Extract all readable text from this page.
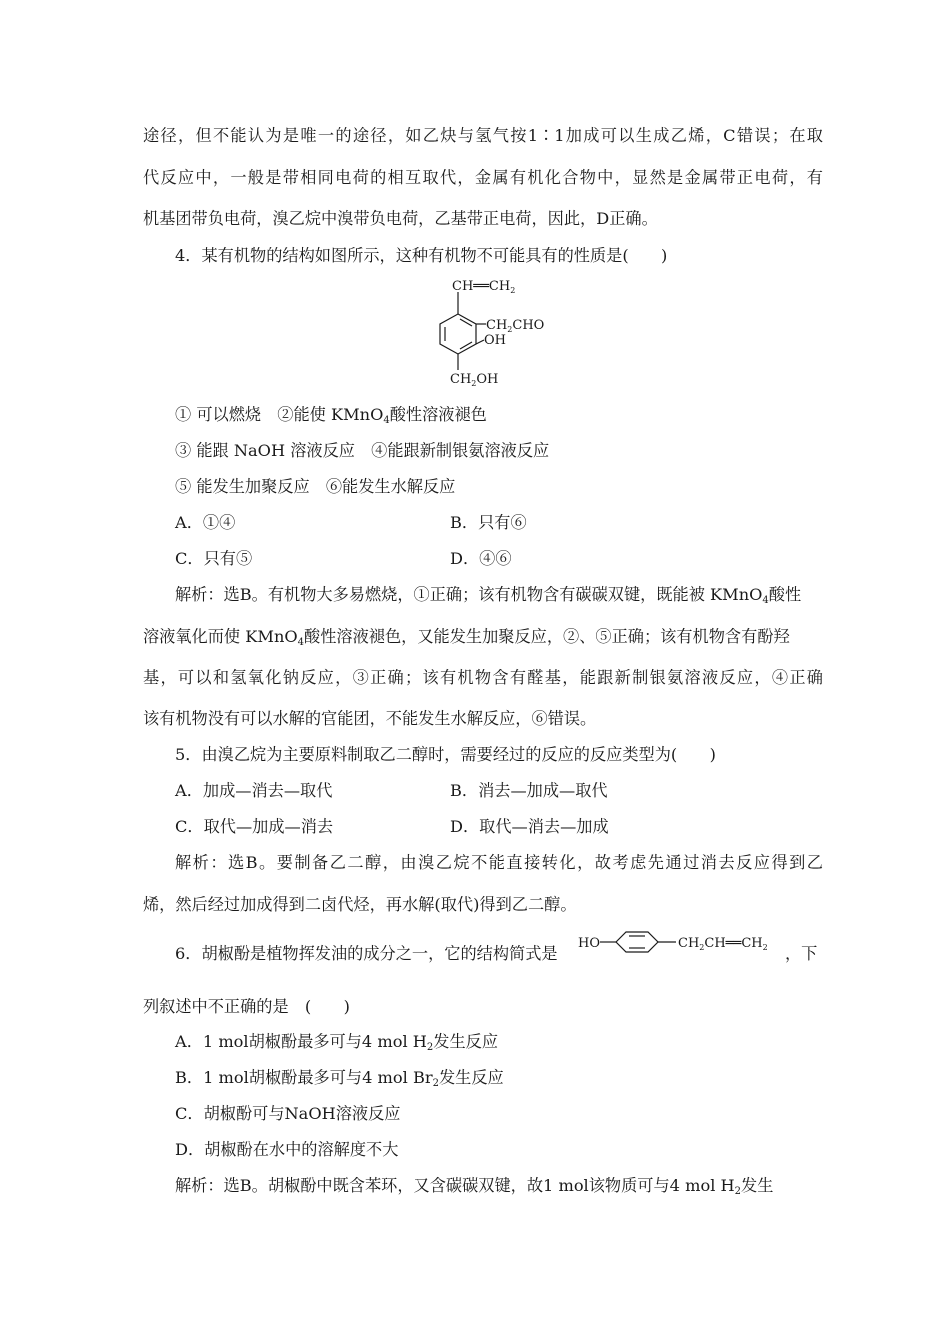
途径，但不能认为是唯一的途径，如乙炔与氢气按1∶1加成可以生成乙烯，C错误；在取
代反应中，一般是带相同电荷的相互取代，金属有机化合物中，显然是金属带正电荷，有
机基团带负电荷，溴乙烷中溴带负电荷，乙基带正电荷，因此，D正确。
4．某有机物的结构如图所示，这种有机物不可能具有的性质是(　　)
$CH══CH_2$
$CH_2CHO$
OH
$CH_2OH$
① 可以燃烧　②能使 KMnO$_4$酸性溶液褪色
③ 能跟 NaOH 溶液反应　④能跟新制银氨溶液反应
⑤ 能发生加聚反应　⑥能发生水解反应
A．①④	B．只有⑥
C．只有⑤	D．④⑥
解析：选B。有机物大多易燃烧，①正确；该有机物含有碳碳双键，既能被 KMnO$_4$酸性
溶液氧化而使 KMnO$_4$酸性溶液褪色，又能发生加聚反应，②、⑤正确；该有机物含有酚羟
基，可以和氢氧化钠反应，③正确；该有机物含有醛基，能跟新制银氨溶液反应，④正确
该有机物没有可以水解的官能团，不能发生水解反应，⑥错误。
5．由溴乙烷为主要原料制取乙二醇时，需要经过的反应的反应类型为(　　)
A．加成—消去—取代	B．消去—加成—取代
C．取代—加成—消去	D．取代—消去—加成
解析：选B。要制备乙二醇，由溴乙烷不能直接转化，故考虑先通过消去反应得到乙
烯，然后经过加成得到二卤代烃，再水解(取代)得到乙二醇。
6．胡椒酚是植物挥发油的成分之一，它的结构简式是
HO	$CH_2CH══CH_2$ ，下
列叙述中不正确的是　(　　)
A．1 mol胡椒酚最多可与4 mol $H_2$发生反应
B．1 mol胡椒酚最多可与4 mol $Br_2$发生反应
C．胡椒酚可与NaOH溶液反应
D．胡椒酚在水中的溶解度不大
解析：选B。胡椒酚中既含苯环，又含碳碳双键，故1 mol该物质可与4 mol $H_2$发生
